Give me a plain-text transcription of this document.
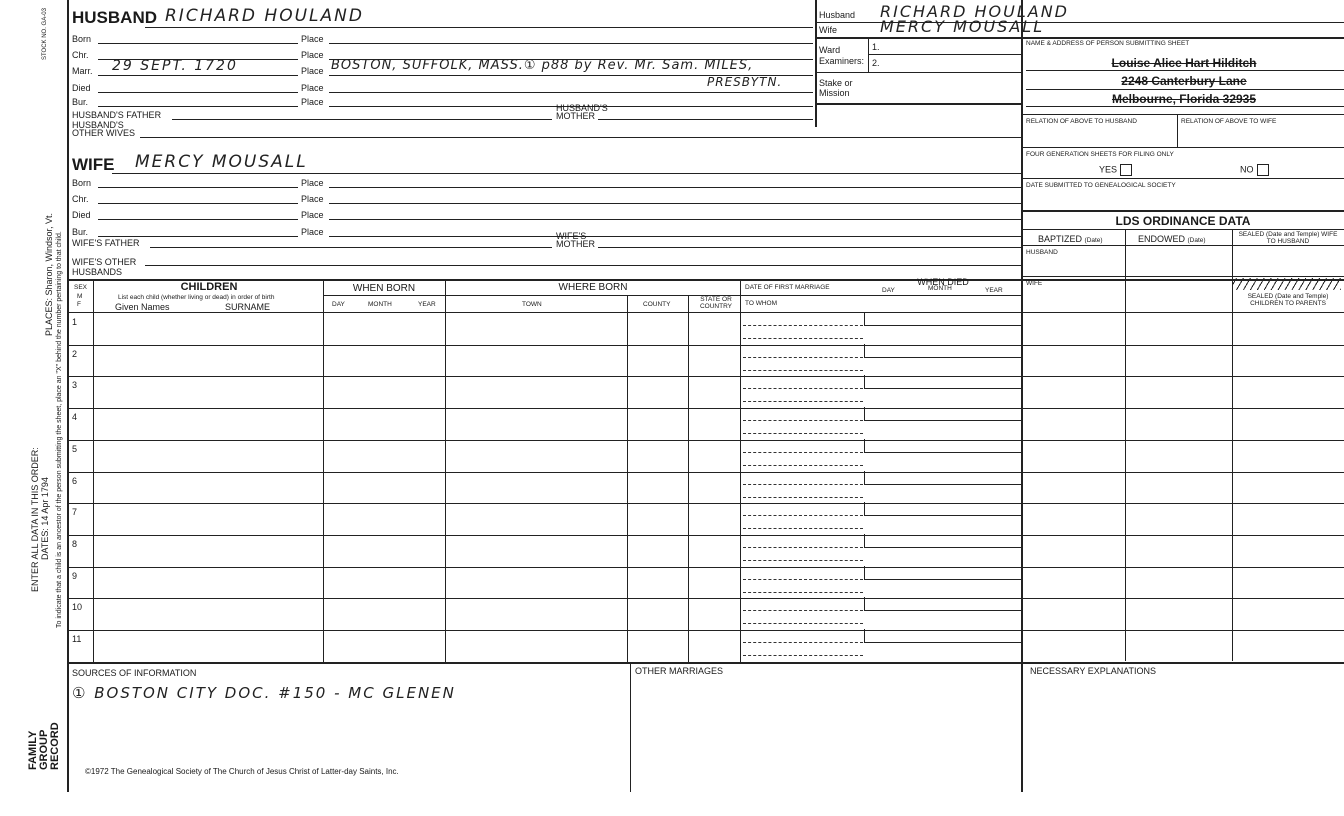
STOCK NO. GA-03
PLACES: Sharon, Windsor, Vt. To indicate that a child is an ancestor of the person submitting the sheet, place an "X" behind the number pertaining to that child.
ENTER ALL DATA IN THIS ORDER: DATES: 14 Apr 1794
FAMILY GROUP RECORD
HUSBAND RICHARD HOULAND
Born	Place
Chr.	Place
Marr. 29 SEPT. 1720	Place BOSTON, SUFFOLK, MASS.① p88 by Rev. Mr. Sam. MILES,
PRESBYTN.
Died	Place
Bur.	Place
HUSBAND'S FATHER
HUSBAND'S MOTHER
HUSBAND'S OTHER WIVES
WIFE MERCY MOUSALL
Born	Place
Chr.	Place
Died	Place
Bur.	Place
WIFE'S FATHER
WIFE'S MOTHER
WIFE'S OTHER HUSBANDS
Husband RICHARD HOULAND
Wife	MERCY MOUSALL
Ward
Examiners:
1.
2.
Stake or Mission
NAME & ADDRESS OF PERSON SUBMITTING SHEET
Louise Alice Hart Hilditch
2248 Canterbury Lane
Melbourne, Florida 32935
RELATION OF ABOVE TO HUSBAND	RELATION OF ABOVE TO WIFE
FOUR GENERATION SHEETS FOR FILING ONLY
YES	NO
DATE SUBMITTED TO GENEALOGICAL SOCIETY
LDS ORDINANCE DATA
BAPTIZED (Date)	ENDOWED (Date)
SEALED (Date and Temple) WIFE TO HUSBAND
HUSBAND
WIFE
SEALED (Date and Temple) CHILDREN TO PARENTS
SEX
M
F
CHILDREN
List each child (whether living or dead) in order of birth
Given Names	SURNAME
WHEN BORN
DAY	MONTH	YEAR
WHERE BORN
TOWN	COUNTY
STATE OR COUNTRY
DATE OF FIRST MARRIAGE
TO WHOM
WHEN DIED
DAY	MONTH	YEAR
1
2
3
4
5
6
7
8
9
10
11
SOURCES OF INFORMATION
① BOSTON CITY DOC. #150 - MC GLENEN
OTHER MARRIAGES	NECESSARY EXPLANATIONS
©1972 The Genealogical Society of The Church of Jesus Christ of Latter-day Saints, Inc.
